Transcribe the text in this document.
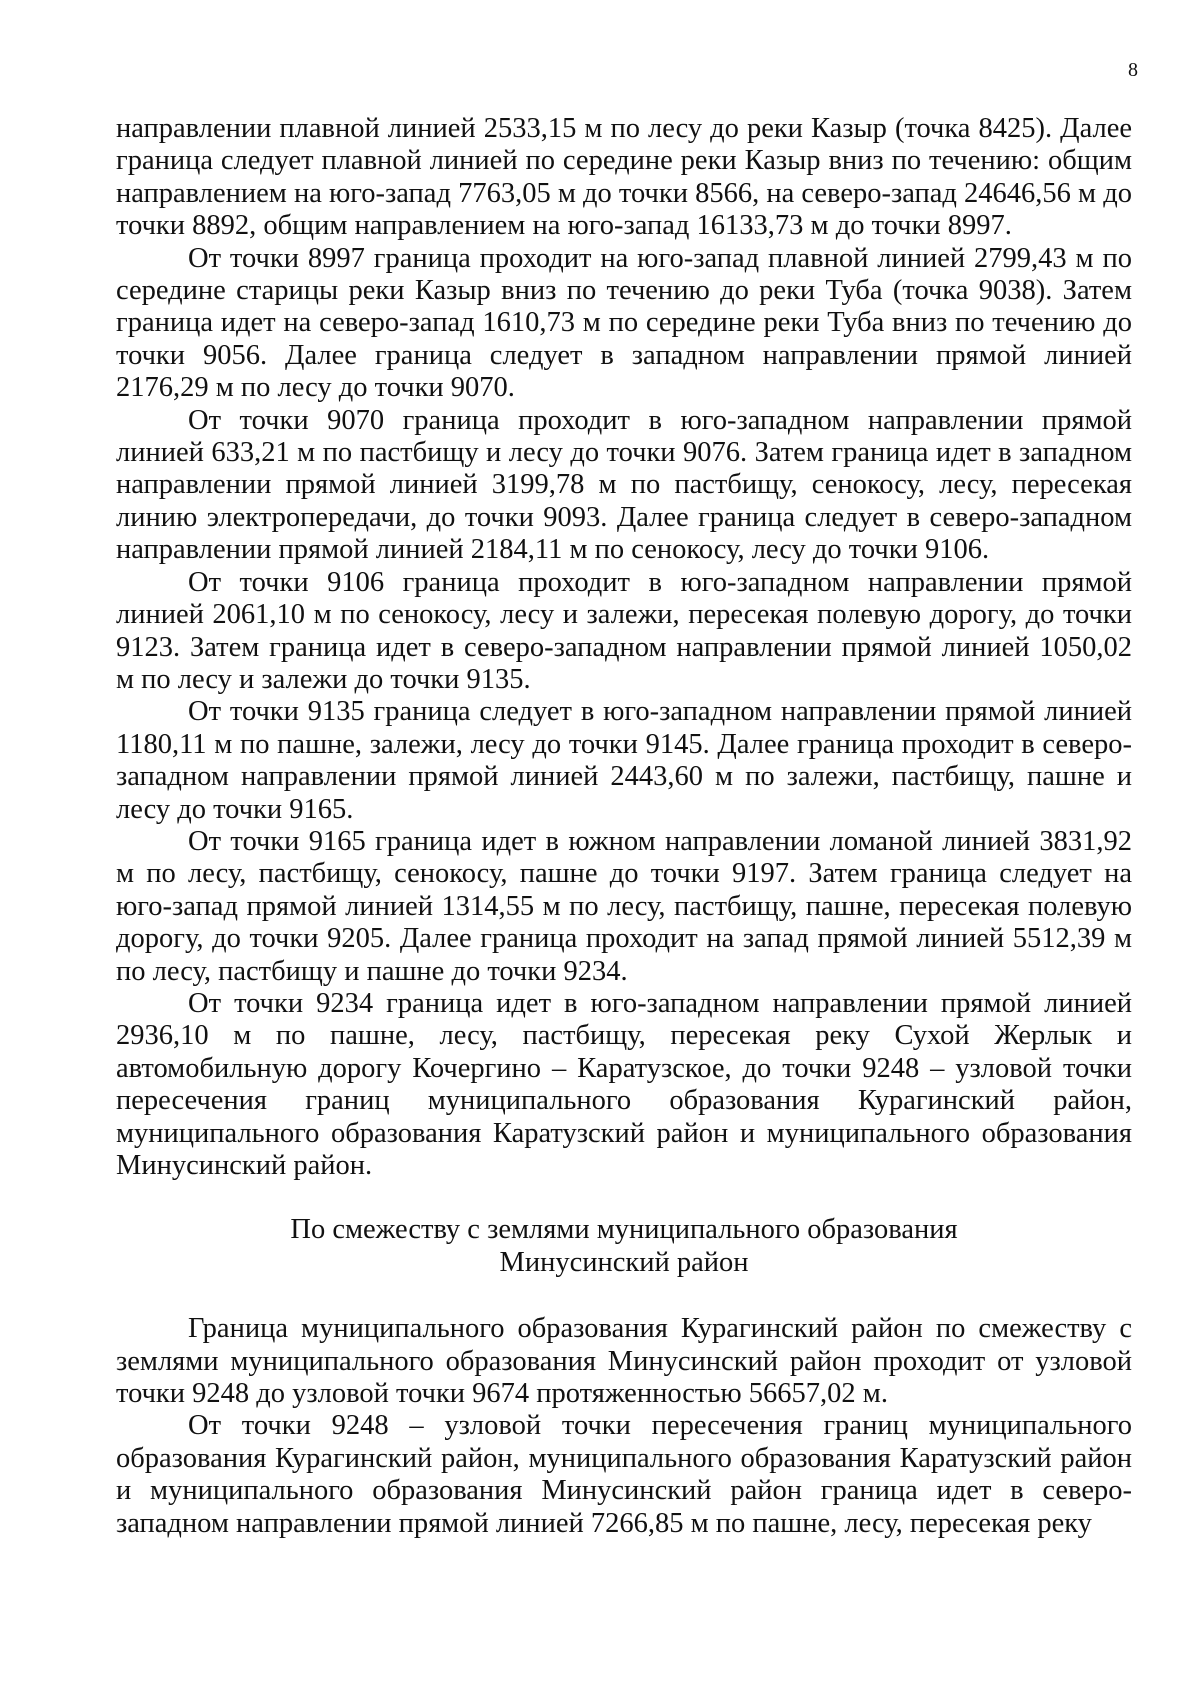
8

направлении плавной линией 2533,15 м по лесу до реки Казыр (точка 8425). Далее граница следует плавной линией по середине реки Казыр вниз по течению: общим направлением на юго-запад 7763,05 м до точки 8566, на северо-запад 24646,56 м до точки 8892, общим направлением на юго-запад 16133,73 м до точки 8997.

От точки 8997 граница проходит на юго-запад плавной линией 2799,43 м по середине старицы реки Казыр вниз по течению до реки Туба (точка 9038). Затем граница идет на северо-запад 1610,73 м по середине реки Туба вниз по течению до точки 9056. Далее граница следует в западном направлении прямой линией 2176,29 м по лесу до точки 9070.

От точки 9070 граница проходит в юго-западном направлении прямой линией 633,21 м по пастбищу и лесу до точки 9076. Затем граница идет в западном направлении прямой линией 3199,78 м по пастбищу, сенокосу, лесу, пересекая линию электропередачи, до точки 9093. Далее граница следует в северо-западном направлении прямой линией 2184,11 м по сенокосу, лесу до точки 9106.

От точки 9106 граница проходит в юго-западном направлении прямой линией 2061,10 м по сенокосу, лесу и залежи, пересекая полевую дорогу, до точки 9123. Затем граница идет в северо-западном направлении прямой линией 1050,02 м по лесу и залежи до точки 9135.

От точки 9135 граница следует в юго-западном направлении прямой линией 1180,11 м по пашне, залежи, лесу до точки 9145. Далее граница проходит в северо-западном направлении прямой линией 2443,60 м по залежи, пастбищу, пашне и лесу до точки 9165.

От точки 9165 граница идет в южном направлении ломаной линией 3831,92 м по лесу, пастбищу, сенокосу, пашне до точки 9197. Затем граница следует на юго-запад прямой линией 1314,55 м по лесу, пастбищу, пашне, пересекая полевую дорогу, до точки 9205. Далее граница проходит на запад прямой линией 5512,39 м по лесу, пастбищу и пашне до точки 9234.

От точки 9234 граница идет в юго-западном направлении прямой линией 2936,10 м по пашне, лесу, пастбищу, пересекая реку Сухой Жерлык и автомобильную дорогу Кочергино – Каратузское, до точки 9248 – узловой точки пересечения границ муниципального образования Курагинский район, муниципального образования Каратузский район и муниципального образования Минусинский район.

По смежеству с землями муниципального образования
Минусинский район

Граница муниципального образования Курагинский район по смежеству с землями муниципального образования Минусинский район проходит от узловой точки 9248 до узловой точки 9674 протяженностью 56657,02 м.

От точки 9248 – узловой точки пересечения границ муниципального образования Курагинский район, муниципального образования Каратузский район и муниципального образования Минусинский район граница идет в северо-западном направлении прямой линией 7266,85 м по пашне, лесу, пересекая реку
